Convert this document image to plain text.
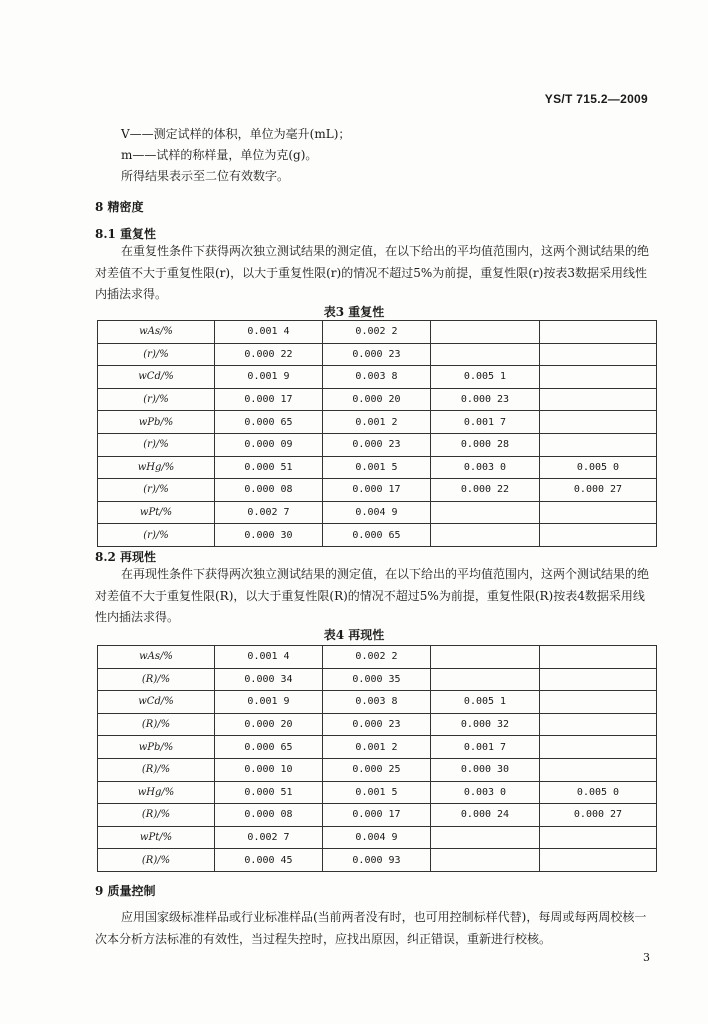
YS/T 715.2—2009
V——测定试样的体积，单位为毫升(mL)；
m——试样的称样量，单位为克(g)。
所得结果表示至二位有效数字。
8 精密度
8.1 重复性
在重复性条件下获得两次独立测试结果的测定值，在以下给出的平均值范围内，这两个测试结果的绝对差值不大于重复性限(r)，以大于重复性限(r)的情况不超过5%为前提，重复性限(r)按表3数据采用线性内插法求得。
表3 重复性
wAs/%	0.001 4	0.002 2		
(r)/%	0.000 22	0.000 23		
wCd/%	0.001 9	0.003 8	0.005 1	
(r)/%	0.000 17	0.000 20	0.000 23	
wPb/%	0.000 65	0.001 2	0.001 7	
(r)/%	0.000 09	0.000 23	0.000 28	
wHg/%	0.000 51	0.001 5	0.003 0	0.005 0
(r)/%	0.000 08	0.000 17	0.000 22	0.000 27
wPt/%	0.002 7	0.004 9		
(r)/%	0.000 30	0.000 65		
8.2 再现性
在再现性条件下获得两次独立测试结果的测定值，在以下给出的平均值范围内，这两个测试结果的绝对差值不大于重复性限(R)，以大于重复性限(R)的情况不超过5%为前提，重复性限(R)按表4数据采用线性内插法求得。
表4 再现性
wAs/%	0.001 4	0.002 2		
(R)/%	0.000 34	0.000 35		
wCd/%	0.001 9	0.003 8	0.005 1	
(R)/%	0.000 20	0.000 23	0.000 32	
wPb/%	0.000 65	0.001 2	0.001 7	
(R)/%	0.000 10	0.000 25	0.000 30	
wHg/%	0.000 51	0.001 5	0.003 0	0.005 0
(R)/%	0.000 08	0.000 17	0.000 24	0.000 27
wPt/%	0.002 7	0.004 9		
(R)/%	0.000 45	0.000 93		
9 质量控制
应用国家级标准样品或行业标准样品(当前两者没有时，也可用控制标样代替)，每周或每两周校核一次本分析方法标准的有效性，当过程失控时，应找出原因，纠正错误，重新进行校核。
3
